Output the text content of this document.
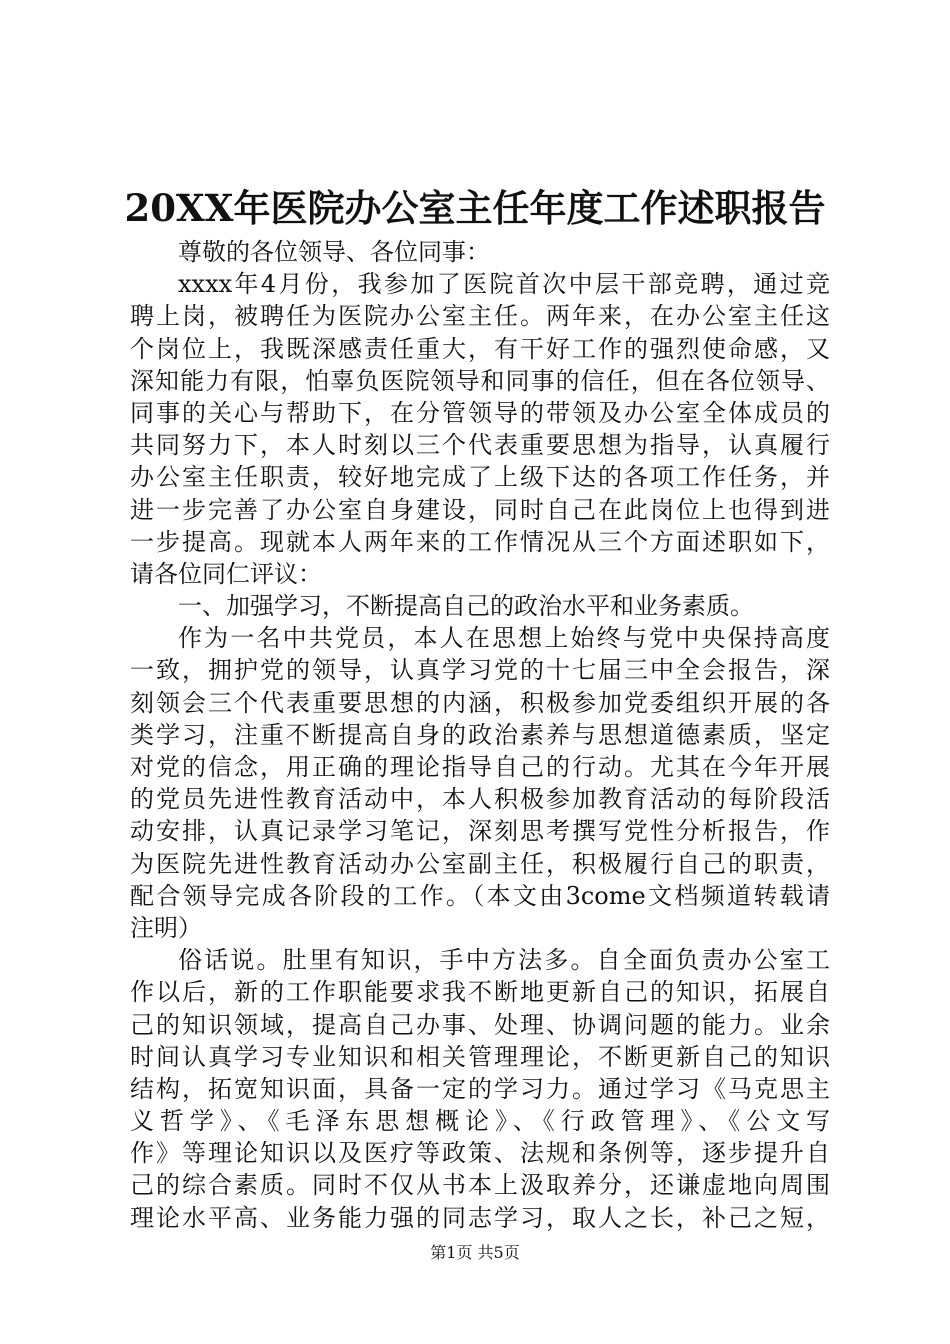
20XX年医院办公室主任年度工作述职报告
尊敬的各位领导、各位同事：
xxxx年4月份，我参加了医院首次中层干部竞聘，通过竞
聘上岗，被聘任为医院办公室主任。两年来，在办公室主任这
个岗位上，我既深感责任重大，有干好工作的强烈使命感，又
深知能力有限，怕辜负医院领导和同事的信任，但在各位领导、
同事的关心与帮助下，在分管领导的带领及办公室全体成员的
共同努力下，本人时刻以三个代表重要思想为指导，认真履行
办公室主任职责，较好地完成了上级下达的各项工作任务，并
进一步完善了办公室自身建设，同时自己在此岗位上也得到进
一步提高。现就本人两年来的工作情况从三个方面述职如下，
请各位同仁评议：
一、加强学习，不断提高自己的政治水平和业务素质。
作为一名中共党员，本人在思想上始终与党中央保持高度
一致，拥护党的领导，认真学习党的十七届三中全会报告，深
刻领会三个代表重要思想的内涵，积极参加党委组织开展的各
类学习，注重不断提高自身的政治素养与思想道德素质，坚定
对党的信念，用正确的理论指导自己的行动。尤其在今年开展
的党员先进性教育活动中，本人积极参加教育活动的每阶段活
动安排，认真记录学习笔记，深刻思考撰写党性分析报告，作
为医院先进性教育活动办公室副主任，积极履行自己的职责，
配合领导完成各阶段的工作。（本文由3come文档频道转载请
注明）
俗话说。肚里有知识，手中方法多。自全面负责办公室工
作以后，新的工作职能要求我不断地更新自己的知识，拓展自
己的知识领域，提高自己办事、处理、协调问题的能力。业余
时间认真学习专业知识和相关管理理论，不断更新自己的知识
结构，拓宽知识面，具备一定的学习力。通过学习《马克思主
义哲学》、《毛泽东思想概论》、《行政管理》、《公文写
作》等理论知识以及医疗等政策、法规和条例等，逐步提升自
己的综合素质。同时不仅从书本上汲取养分，还谦虚地向周围
理论水平高、业务能力强的同志学习，取人之长，补己之短，
第1页 共5页
